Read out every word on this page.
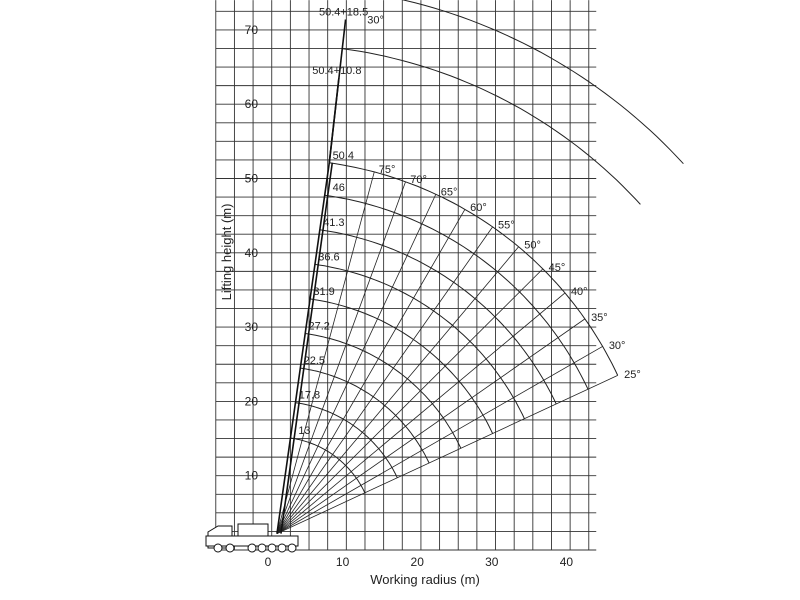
Working radius (m)
Lifting height (m)
0	10	20	30	40
10
20
30
40
50
60
70
13
17.8
22.5
27.2
31.9
36.6
41.3
46
50.4
75°
70°
65°
60°
55°
50°
45°
40°
35°
30°
25°
50.4+10.8
50.4+18.5
30°
